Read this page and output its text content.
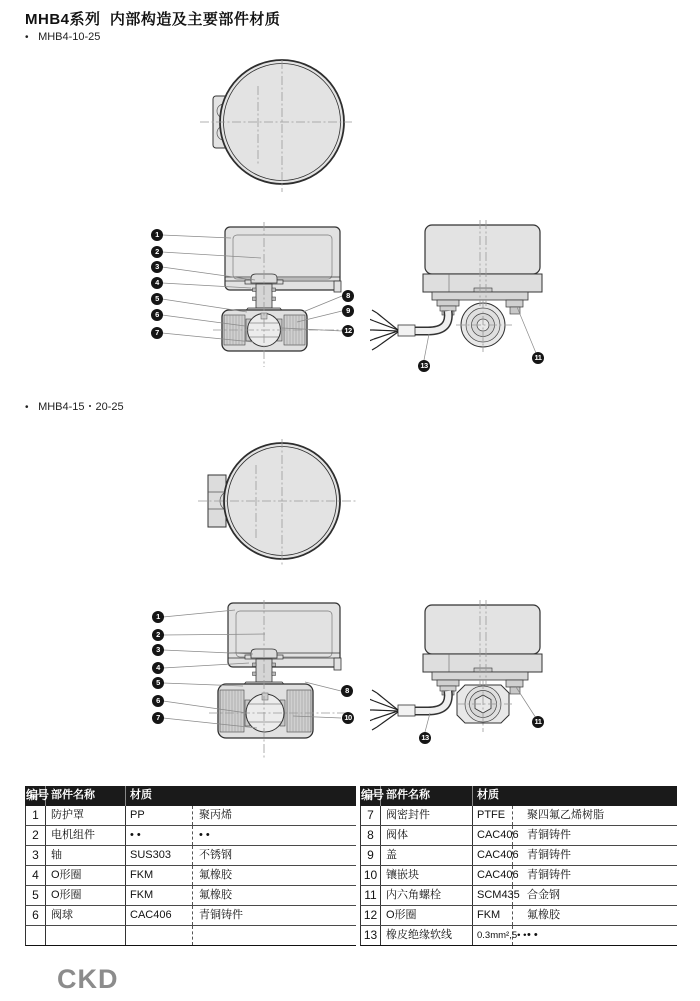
MHB4系列  内部构造及主要部件材质
• MHB4-10-25
1
2
3
4
5
6
7
8
9
12
13
11
• MHB4-15・20-25
1
2
3
4
5
6
7
8
10
13
11
编号 部件名称	材质
1	防护罩	PP	聚丙烯
2	电机组件	• •	• •
3	轴	SUS303	不锈钢
4	O形圈	FKM	氟橡胶
5	O形圈	FKM	氟橡胶
6	阀球	CAC406	青铜铸件
编号 部件名称	材质
7	阀密封件	PTFE	聚四氟乙烯树脂
8	阀体	CAC406 青铜铸件
9	盖	CAC406 青铜铸件
10 镶嵌块	CAC406 青铜铸件
11 内六角螺栓	SCM435 合金钢
12 O形圈	FKM	氟橡胶
13 橡皮绝缘软线	0.3mm²,5• • • •
CKD
